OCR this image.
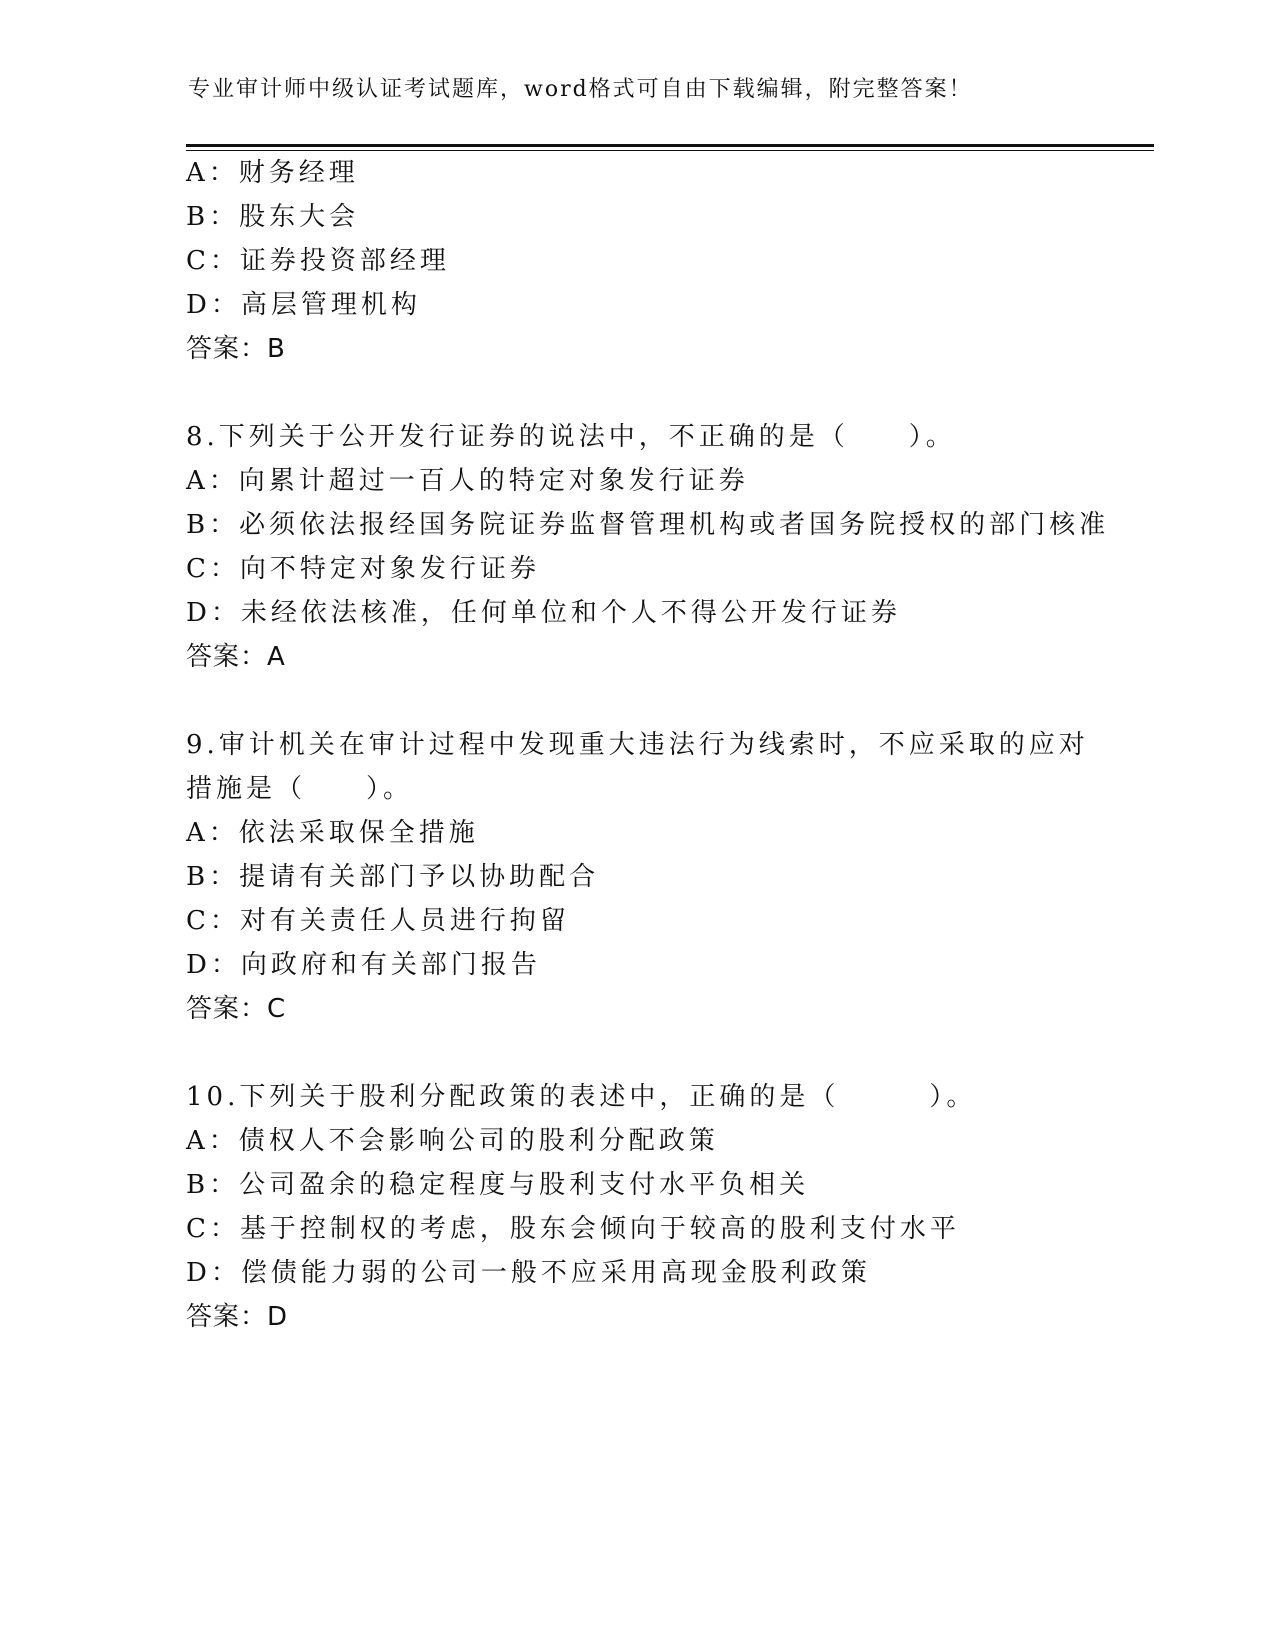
专业审计师中级认证考试题库，word格式可自由下载编辑，附完整答案！
A：财务经理
B：股东大会
C：证券投资部经理
D：高层管理机构
答案：B
8.下列关于公开发行证券的说法中，不正确的是（　　）。
A：向累计超过一百人的特定对象发行证券
B：必须依法报经国务院证券监督管理机构或者国务院授权的部门核准
C：向不特定对象发行证券
D：未经依法核准，任何单位和个人不得公开发行证券
答案：A
9.审计机关在审计过程中发现重大违法行为线索时，不应采取的应对
措施是（　　）。
A：依法采取保全措施
B：提请有关部门予以协助配合
C：对有关责任人员进行拘留
D：向政府和有关部门报告
答案：C
10.下列关于股利分配政策的表述中，正确的是（　　　）。
A：债权人不会影响公司的股利分配政策
B：公司盈余的稳定程度与股利支付水平负相关
C：基于控制权的考虑，股东会倾向于较高的股利支付水平
D：偿债能力弱的公司一般不应采用高现金股利政策
答案：D
